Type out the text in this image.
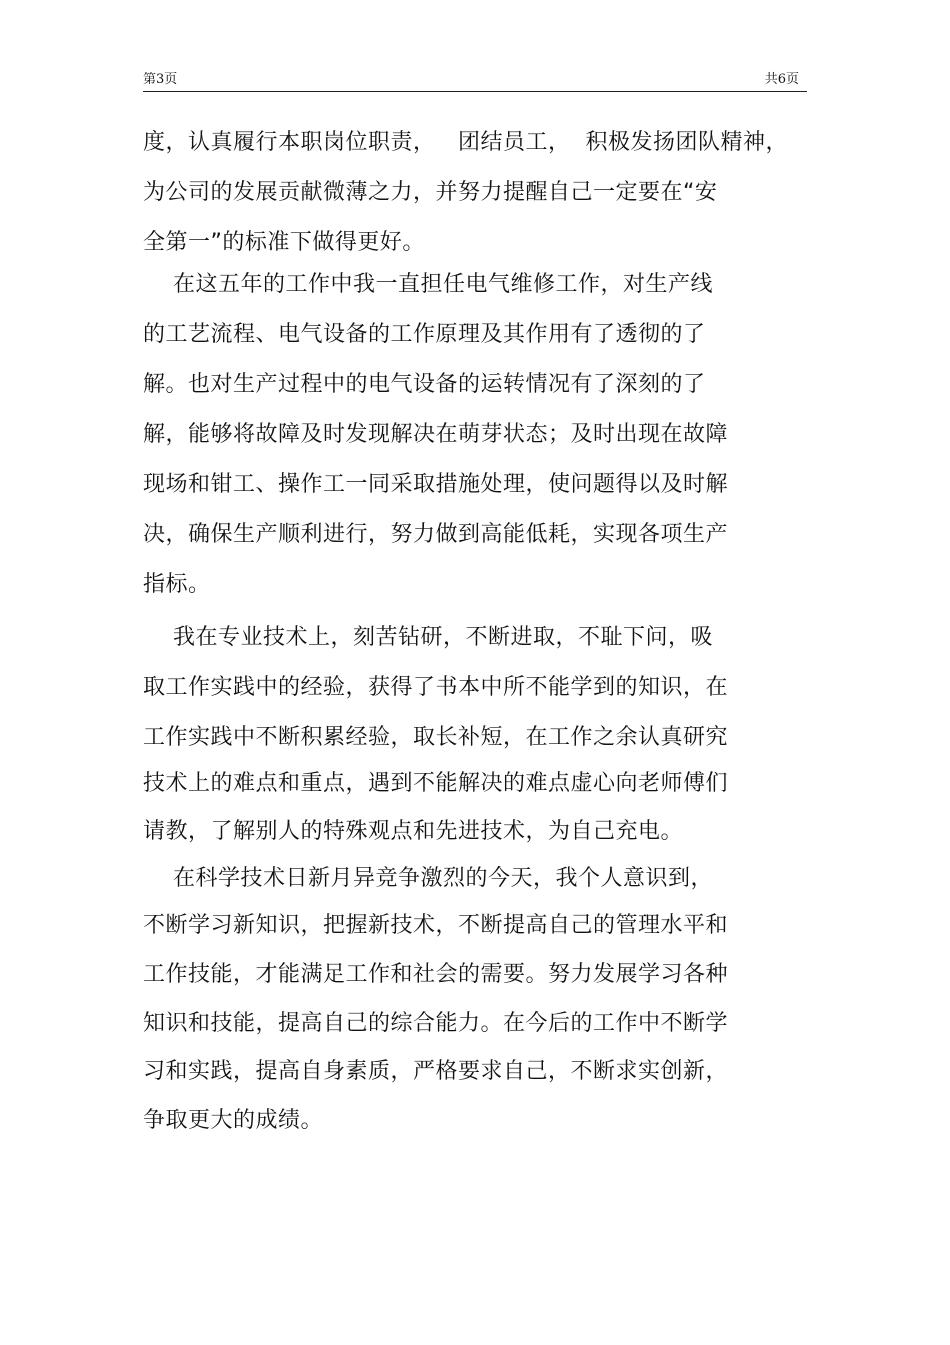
第3页	共6页
度，认真履行本职岗位职责，   团结员工，  积极发扬团队精神，
为公司的发展贡献微薄之力，并努力提醒自己一定要在“安
全第一”的标准下做得更好。
在这五年的工作中我一直担任电气维修工作，对生产线
的工艺流程、电气设备的工作原理及其作用有了透彻的了
解。也对生产过程中的电气设备的运转情况有了深刻的了
解，能够将故障及时发现解决在萌芽状态；及时出现在故障
现场和钳工、操作工一同采取措施处理，使问题得以及时解
决，确保生产顺利进行，努力做到高能低耗，实现各项生产
指标。
我在专业技术上，刻苦钻研，不断进取，不耻下问，吸
取工作实践中的经验，获得了书本中所不能学到的知识，在
工作实践中不断积累经验，取长补短，在工作之余认真研究
技术上的难点和重点，遇到不能解决的难点虚心向老师傅们
请教，了解别人的特殊观点和先进技术，为自己充电。
在科学技术日新月异竞争激烈的今天，我个人意识到，
不断学习新知识，把握新技术，不断提高自己的管理水平和
工作技能，才能满足工作和社会的需要。努力发展学习各种
知识和技能，提高自己的综合能力。在今后的工作中不断学
习和实践，提高自身素质，严格要求自己，不断求实创新，
争取更大的成绩。
